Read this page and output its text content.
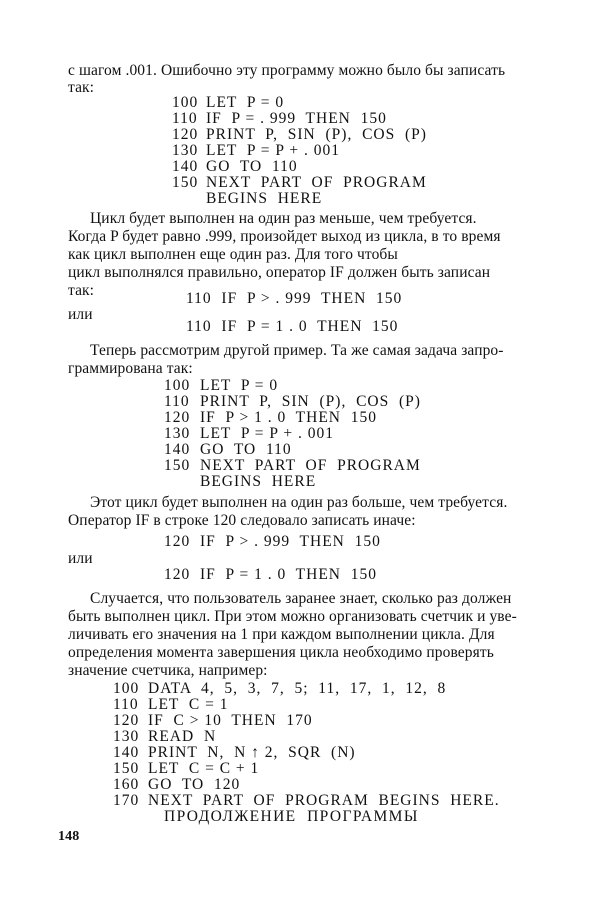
с шагом .001. Ошибочно эту программу можно было бы записать
так:
100 LET  P = 0
110 IF  P = . 999  THEN  150
120 PRINT  P,  SIN  (P),  COS  (P)
130 LET  P = P + . 001
140 GO  TO  110
150 NEXT  PART  OF  PROGRAM
BEGINS  HERE
Цикл будет выполнен на один раз меньше, чем требуется.
Когда P будет равно .999, произойдет выход из цикла, в то время
как цикл выполнен еще один раз. Для того чтобы
цикл выполнялся правильно, оператор IF должен быть записан
так:	110  IF  P > . 999  THEN  150
или
110  IF  P = 1 . 0  THEN  150
Теперь рассмотрим другой пример. Та же самая задача запро-
граммирована так:
100 LET  P = 0
110 PRINT  P,  SIN  (P),  COS  (P)
120 IF  P > 1 . 0  THEN  150
130 LET  P = P + . 001
140 GO  TO  110
150 NEXT  PART  OF  PROGRAM
BEGINS  HERE
Этот цикл будет выполнен на один раз больше, чем требуется.
Оператор IF в строке 120 следовало записать иначе:
120  IF  P > . 999  THEN  150
или
120  IF  P = 1 . 0  THEN  150
Случается, что пользователь заранее знает, сколько раз должен
быть выполнен цикл. При этом можно организовать счетчик и уве-
личивать его значения на 1 при каждом выполнении цикла. Для
определения момента завершения цикла необходимо проверять
значение счетчика, например:
100 DATA  4,  5,  3,  7,  5;  11,  17,  1,  12,  8
110 LET  C = 1
120 IF  C > 10  THEN  170
130 READ  N
140 PRINT  N,  N ↑ 2,  SQR  (N)
150 LET  C = C + 1
160 GO  TO  120
170 NEXT  PART  OF  PROGRAM  BEGINS  HERE.
ПРОДОЛЖЕНИЕ  ПРОГРАММЫ
148
